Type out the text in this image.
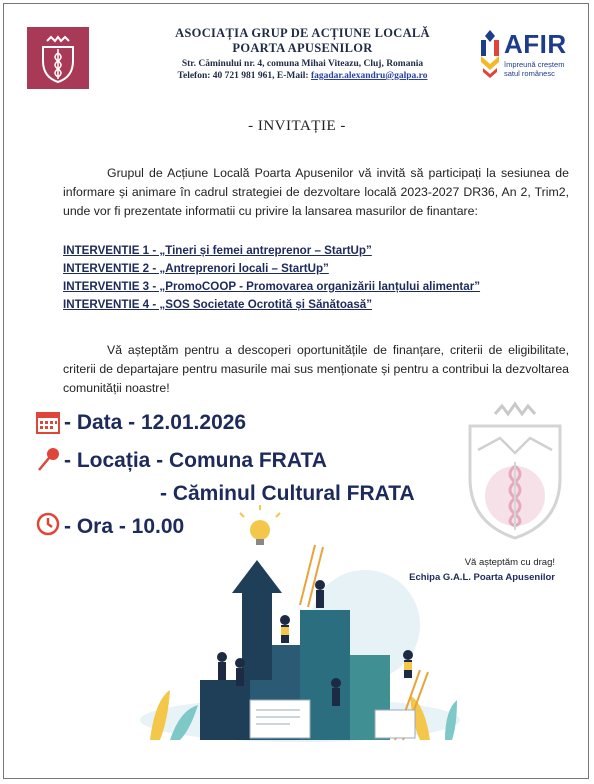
ASOCIAȚIA GRUP DE ACȚIUNE LOCALĂ
POARTA APUSENILOR
Str. Căminului nr. 4, comuna Mihai Viteazu, Cluj, Romania
Telefon: 40 721 981 961, E-Mail: fagadar.alexandru@galpa.ro
AFIR
împreună creștem satul românesc
- INVITAȚIE -
Grupul de Acțiune Locală Poarta Apusenilor vă invită să participați la sesiunea de informare și animare în cadrul strategiei de dezvoltare locală 2023-2027 DR36, An 2, Trim2, unde vor fi prezentate informatii cu privire la lansarea masurilor de finantare:
INTERVENTIE 1 - „Tineri și femei antreprenor – StartUp”
INTERVENTIE 2 - „Antreprenori locali – StartUp”
INTERVENTIE 3 - „PromoCOOP - Promovarea organizării lanțului alimentar”
INTERVENTIE 4 - „SOS Societate Ocrotită și Sănătoasă”
Vă așteptăm pentru a descoperi oportunitățile de finanțare, criterii de eligibilitate, criterii de departajare pentru masurile mai sus menționate și pentru a contribui la dezvoltarea comunității noastre!
- Data - 12.01.2026
- Locația - Comuna FRATA
- Căminul Cultural FRATA
- Ora - 10.00
Vă așteptăm cu drag!
Echipa G.A.L. Poarta Apusenilor
